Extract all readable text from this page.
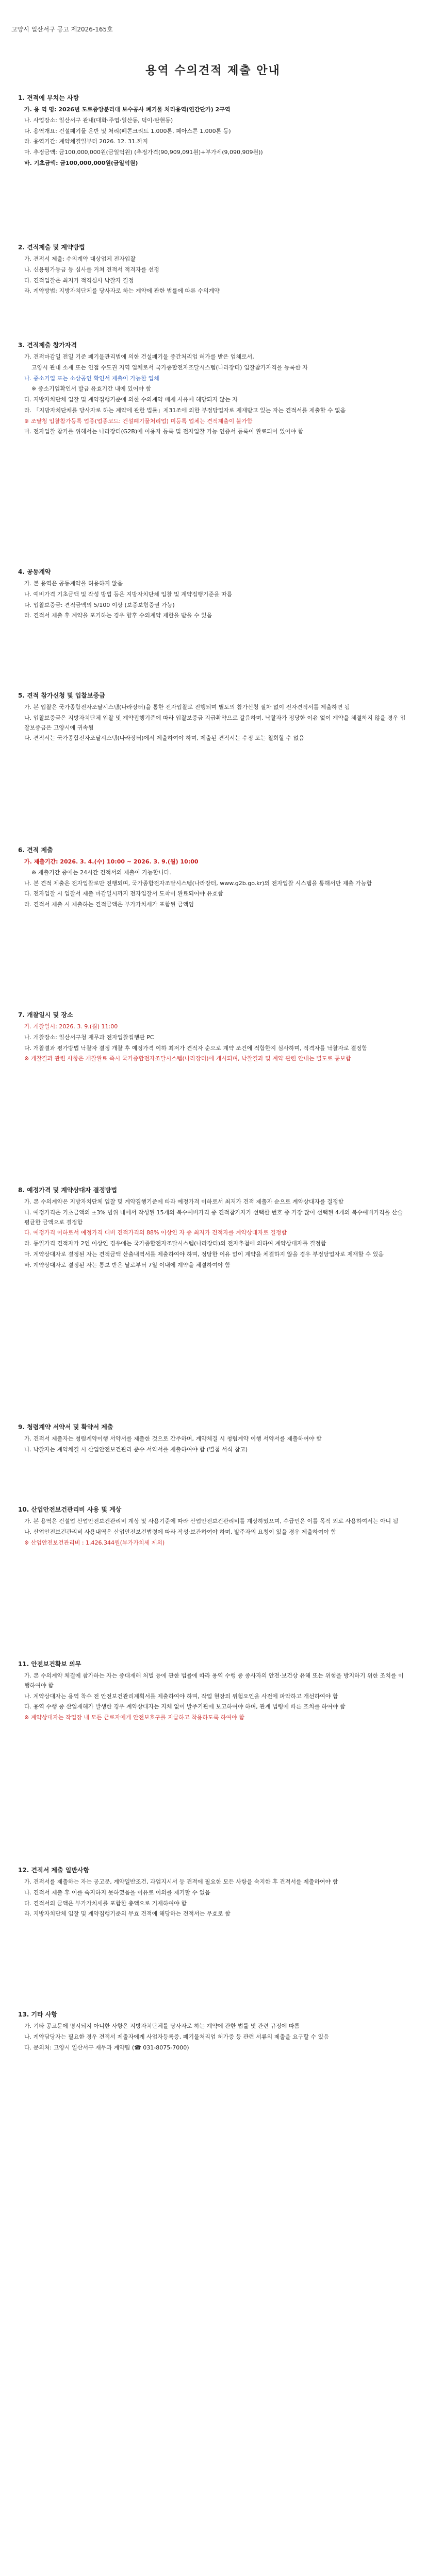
고양시 일산서구 공고 제2026-165호
용역 수의견적 제출 안내
1. 견적에 부치는 사항
가. 용 역 명: 2026년 도로중앙분리대 보수공사 폐기물 처리용역(연간단가) 2구역
나. 사업장소: 일산서구 관내(대화·주엽·일산동, 덕이·탄현동)
다. 용역개요: 건설폐기물 운반 및 처리(폐콘크리트 1,000톤, 폐아스콘 1,000톤 등)
라. 용역기간: 계약체결일부터 2026. 12. 31.까지
마. 추정금액: 금100,000,000원(금일억원) (추정가격(90,909,091원)+부가세(9,090,909원))
바. 기초금액: 금100,000,000원(금일억원)
2. 견적제출 및 계약방법
가. 견적서 제출: 수의계약 대상업체 전자입찰
나. 신용평가등급 등 심사를 거쳐 견적서 적격자를 선정
다. 견적입찰은 최저가 적격심사 낙찰자 결정
라. 계약방법: 지방자치단체를 당사자로 하는 계약에 관한 법률에 따른 수의계약
3. 견적제출 참가자격
가. 견적마감일 전일 기준 폐기물관리법에 의한 건설폐기물 중간처리업 허가를 받은 업체로서,
고양시 관내 소재 또는 인접 수도권 지역 업체로서 국가종합전자조달시스템(나라장터) 입찰참가자격을 등록한 자
나. 중소기업 또는 소상공인 확인서 제출이 가능한 업체
※ 중소기업확인서 발급 유효기간 내에 있어야 함
다. 지방자치단체 입찰 및 계약집행기준에 의한 수의계약 배제 사유에 해당되지 않는 자
라. 「지방자치단체를 당사자로 하는 계약에 관한 법률」제31조에 의한 부정당업자로 제재받고 있는 자는 견적서를 제출할 수 없음
※ 조달청 입찰참가등록 업종(업종코드: 건설폐기물처리업) 미등록 업체는 견적제출이 불가함
마. 전자입찰 참가를 위해서는 나라장터(G2B)에 이용자 등록 및 전자입찰 가능 인증서 등록이 완료되어 있어야 함
4. 공동계약
가. 본 용역은 공동계약을 허용하지 않음
나. 예비가격 기초금액 및 작성 방법 등은 지방자치단체 입찰 및 계약집행기준을 따름
다. 입찰보증금: 견적금액의 5/100 이상 (보증보험증권 가능)
라. 견적서 제출 후 계약을 포기하는 경우 향후 수의계약 제한을 받을 수 있음
5. 견적 참가신청 및 입찰보증금
가. 본 입찰은 국가종합전자조달시스템(나라장터)을 통한 전자입찰로 진행되며 별도의 참가신청 절차 없이 전자견적서를 제출하면 됨
나. 입찰보증금은 지방자치단체 입찰 및 계약집행기준에 따라 입찰보증금 지급확약으로 갈음하며, 낙찰자가 정당한 이유 없이 계약을 체결하지 않을 경우 입찰보증금은 고양시에 귀속됨
다. 견적서는 국가종합전자조달시스템(나라장터)에서 제출하여야 하며, 제출된 견적서는 수정 또는 철회할 수 없음
6. 견적 제출
가. 제출기간: 2026. 3. 4.(수) 10:00 ~ 2026. 3. 9.(월) 10:00
※ 제출기간 중에는 24시간 견적서의 제출이 가능합니다.
나. 본 견적 제출은 전자입찰로만 진행되며, 국가종합전자조달시스템(나라장터, www.g2b.go.kr)의 전자입찰 시스템을 통해서만 제출 가능함
다. 전자입찰 시 입찰서 제출 마감일시까지 전자입찰서 도착이 완료되어야 유효함
라. 견적서 제출 시 제출하는 견적금액은 부가가치세가 포함된 금액임
7. 개찰일시 및 장소
가. 개찰일시: 2026. 3. 9.(월) 11:00
나. 개찰장소: 일산서구청 재무과 전자입찰집행관 PC
다. 개찰결과 평가방법 낙찰자 결정 개찰 후 예정가격 이하 최저가 견적자 순으로 계약 조건에 적합한지 심사하며, 적격자를 낙찰자로 결정함
※ 개찰결과 관련 사항은 개찰완료 즉시 국가종합전자조달시스템(나라장터)에 게시되며, 낙찰결과 및 계약 관련 안내는 별도로 통보함
8. 예정가격 및 계약상대자 결정방법
가. 본 수의계약은 지방자치단체 입찰 및 계약집행기준에 따라 예정가격 이하로서 최저가 견적 제출자 순으로 계약상대자를 결정함
나. 예정가격은 기초금액의 ±3% 범위 내에서 작성된 15개의 복수예비가격 중 견적참가자가 선택한 번호 중 가장 많이 선택된 4개의 복수예비가격을 산술평균한 금액으로 결정함
다. 예정가격 이하로서 예정가격 대비 견적가격의 88% 이상인 자 중 최저가 견적자를 계약상대자로 결정함
라. 동일가격 견적자가 2인 이상인 경우에는 국가종합전자조달시스템(나라장터)의 전자추첨에 의하여 계약상대자를 결정함
마. 계약상대자로 결정된 자는 견적금액 산출내역서를 제출하여야 하며, 정당한 이유 없이 계약을 체결하지 않을 경우 부정당업자로 제재할 수 있음
바. 계약상대자로 결정된 자는 통보 받은 날로부터 7일 이내에 계약을 체결하여야 함
9. 청렴계약 서약서 및 확약서 제출
가. 견적서 제출자는 청렴계약이행 서약서를 제출한 것으로 간주하며, 계약체결 시 청렴계약 이행 서약서를 제출하여야 함
나. 낙찰자는 계약체결 시 산업안전보건관리 준수 서약서를 제출하여야 함 (별첨 서식 참고)
10. 산업안전보건관리비 사용 및 계상
가. 본 용역은 건설업 산업안전보건관리비 계상 및 사용기준에 따라 산업안전보건관리비를 계상하였으며, 수급인은 이를 목적 외로 사용하여서는 아니 됨
나. 산업안전보건관리비 사용내역은 산업안전보건법령에 따라 작성·보관하여야 하며, 발주자의 요청이 있을 경우 제출하여야 함
※ 산업안전보건관리비 : 1,426,344원(부가가치세 제외)
11. 안전보건확보 의무
가. 본 수의계약 체결에 참가하는 자는 중대재해 처벌 등에 관한 법률에 따라 용역 수행 중 종사자의 안전·보건상 유해 또는 위험을 방지하기 위한 조치를 이행하여야 함
나. 계약상대자는 용역 착수 전 안전보건관리계획서를 제출하여야 하며, 작업 현장의 위험요인을 사전에 파악하고 개선하여야 함
다. 용역 수행 중 산업재해가 발생한 경우 계약상대자는 지체 없이 발주기관에 보고하여야 하며, 관계 법령에 따른 조치를 하여야 함
※ 계약상대자는 작업장 내 모든 근로자에게 안전보호구를 지급하고 착용하도록 하여야 함
12. 견적서 제출 일반사항
가. 견적서를 제출하는 자는 공고문, 계약일반조건, 과업지시서 등 견적에 필요한 모든 사항을 숙지한 후 견적서를 제출하여야 함
나. 견적서 제출 후 이를 숙지하지 못하였음을 이유로 이의를 제기할 수 없음
다. 견적서의 금액은 부가가치세를 포함한 총액으로 기재하여야 함
라. 지방자치단체 입찰 및 계약집행기준의 무효 견적에 해당하는 견적서는 무효로 함
13. 기타 사항
가. 기타 공고문에 명시되지 아니한 사항은 지방자치단체를 당사자로 하는 계약에 관한 법률 및 관련 규정에 따름
나. 계약담당자는 필요한 경우 견적서 제출자에게 사업자등록증, 폐기물처리업 허가증 등 관련 서류의 제출을 요구할 수 있음
다. 문의처: 고양시 일산서구 재무과 계약팀 (☎ 031-8075-7000)
